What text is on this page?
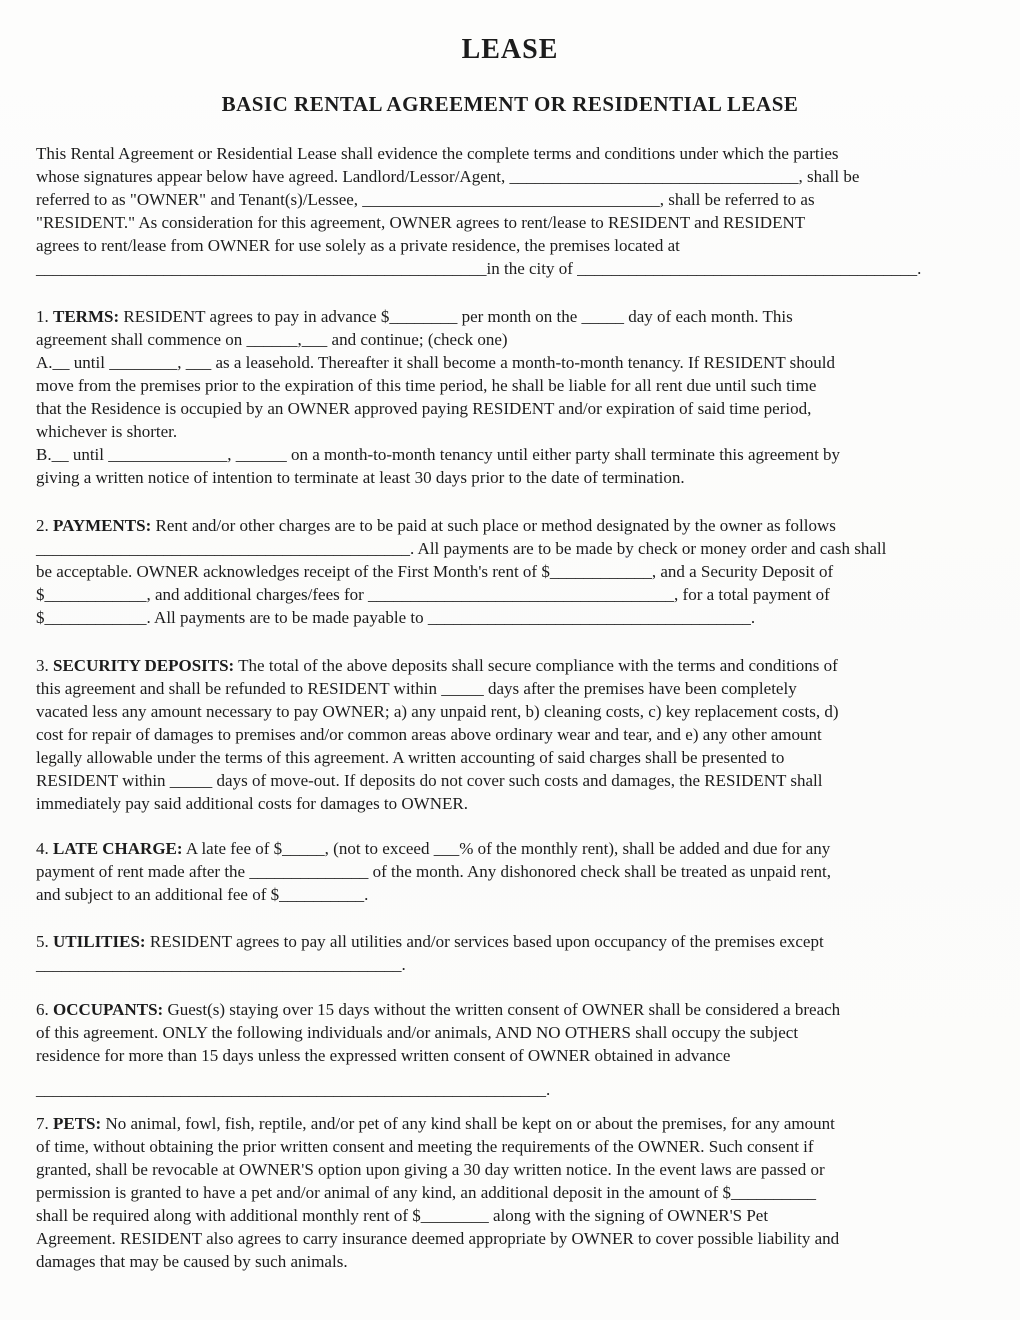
LEASE
BASIC RENTAL AGREEMENT OR RESIDENTIAL LEASE
This Rental Agreement or Residential Lease shall evidence the complete terms and conditions under which the parties
whose signatures appear below have agreed. Landlord/Lessor/Agent, __________________________________, shall be
referred to as "OWNER" and Tenant(s)/Lessee, ___________________________________, shall be referred to as
"RESIDENT." As consideration for this agreement, OWNER agrees to rent/lease to RESIDENT and RESIDENT
agrees to rent/lease from OWNER for use solely as a private residence, the premises located at
_____________________________________________________in the city of ________________________________________.
1. TERMS: RESIDENT agrees to pay in advance $________ per month on the _____ day of each month. This
agreement shall commence on ______,___ and continue; (check one)
A.__ until ________, ___ as a leasehold. Thereafter it shall become a month-to-month tenancy. If RESIDENT should
move from the premises prior to the expiration of this time period, he shall be liable for all rent due until such time
that the Residence is occupied by an OWNER approved paying RESIDENT and/or expiration of said time period,
whichever is shorter.
B.__ until ______________, ______ on a month-to-month tenancy until either party shall terminate this agreement by
giving a written notice of intention to terminate at least 30 days prior to the date of termination.
2. PAYMENTS: Rent and/or other charges are to be paid at such place or method designated by the owner as follows
____________________________________________. All payments are to be made by check or money order and cash shall
be acceptable. OWNER acknowledges receipt of the First Month's rent of $____________, and a Security Deposit of
$____________, and additional charges/fees for ____________________________________, for a total payment of
$____________. All payments are to be made payable to ______________________________________.
3. SECURITY DEPOSITS: The total of the above deposits shall secure compliance with the terms and conditions of
this agreement and shall be refunded to RESIDENT within _____ days after the premises have been completely
vacated less any amount necessary to pay OWNER; a) any unpaid rent, b) cleaning costs, c) key replacement costs, d)
cost for repair of damages to premises and/or common areas above ordinary wear and tear, and e) any other amount
legally allowable under the terms of this agreement. A written accounting of said charges shall be presented to
RESIDENT within _____ days of move-out. If deposits do not cover such costs and damages, the RESIDENT shall
immediately pay said additional costs for damages to OWNER.
4. LATE CHARGE: A late fee of $_____, (not to exceed ___% of the monthly rent), shall be added and due for any
payment of rent made after the ______________ of the month. Any dishonored check shall be treated as unpaid rent,
and subject to an additional fee of $__________.
5. UTILITIES: RESIDENT agrees to pay all utilities and/or services based upon occupancy of the premises except
___________________________________________.
6. OCCUPANTS: Guest(s) staying over 15 days without the written consent of OWNER shall be considered a breach
of this agreement. ONLY the following individuals and/or animals, AND NO OTHERS shall occupy the subject
residence for more than 15 days unless the expressed written consent of OWNER obtained in advance
____________________________________________________________.
7. PETS: No animal, fowl, fish, reptile, and/or pet of any kind shall be kept on or about the premises, for any amount
of time, without obtaining the prior written consent and meeting the requirements of the OWNER. Such consent if
granted, shall be revocable at OWNER'S option upon giving a 30 day written notice. In the event laws are passed or
permission is granted to have a pet and/or animal of any kind, an additional deposit in the amount of $__________
shall be required along with additional monthly rent of $________ along with the signing of OWNER'S Pet
Agreement. RESIDENT also agrees to carry insurance deemed appropriate by OWNER to cover possible liability and
damages that may be caused by such animals.
